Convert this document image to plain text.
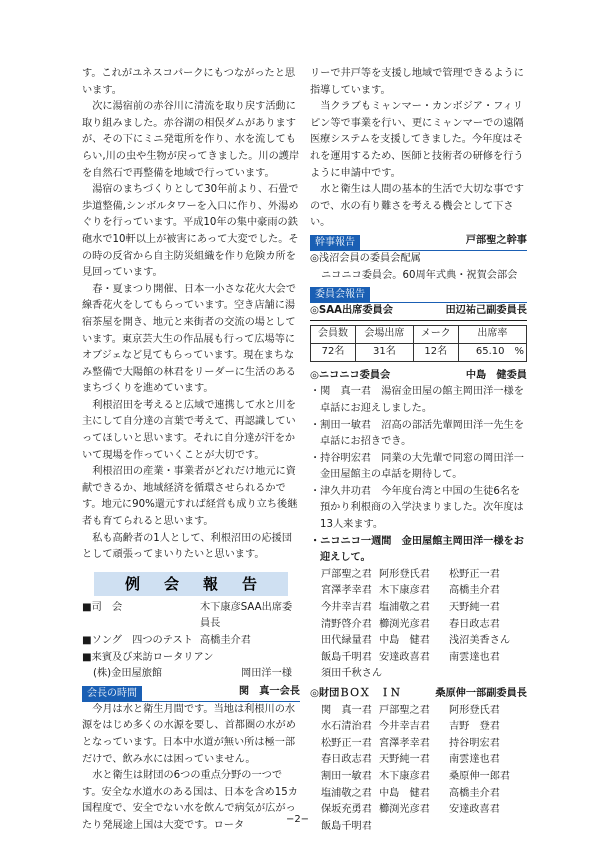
す。これがユネスコパークにもつながったと思います。

次に湯宿前の赤谷川に清流を取り戻す活動に取り組みました。赤谷湖の相俣ダムがありますが、その下にミニ発電所を作り、水を流してもらい,川の虫や生物が戻ってきました。川の護岸を自然石で再整備を地域で行っています。

湯宿のまちづくりとして30年前より、石畳で歩道整備,シンボルタワーを入口に作り、外湯めぐりを行っています。平成10年の集中豪雨の鉄砲水で10軒以上が被害にあって大変でした。その時の反省から自主防災組織を作り危険カ所を見回っています。

春・夏まつり開催、日本一小さな花火大会で線香花火をしてもらっています。空き店舗に湯宿茶屋を開き、地元と来街者の交流の場としています。東京芸大生の作品展も行って広場等にオブジェなど見てもらっています。現在まちなみ整備で大陽館の林君をリーダーに生活のあるまちづくりを進めています。

利根沼田を考えると広域で連携して水と川を主にして自分達の言葉で考えて、再認識していってほしいと思います。それに自分達が汗をかいて現場を作っていくことが大切です。

利根沼田の産業・事業者がどれだけ地元に資献できるか、地域経済を循環させられるかです。地元に90%還元すれば経営も成り立ち後継者も育てられると思います。

私も高齢者の1人として、利根沼田の応援団として頑張ってまいりたいと思います。

例会報告
■司　会	木下康彦SAA出席委員長
■ソング　四つのテスト 高橋圭介君
■来賓及び来訪ロータリアン
(株)金田屋旅館	岡田洋一様
会長の時間	関　真一会長

今月は水と衛生月間です。当地は利根川の水源をはじめ多くの水源を要し、首都圏の水がめとなっています。日本中水道が無い所は極一部だけで、飲み水には困っていません。

水と衛生は財団の6つの重点分野の一つです。安全な水道水のある国は、日本を含め15カ国程度で、安全でない水を飲んで病気が広がったり発展途上国は大変です。ロータ

リーで井戸等を支援し地域で管理できるように指導しています。

当クラブもミャンマー・カンボジア・フィリピン等で事業を行い、更にミャンマーでの遠隔医療システムを支援してきました。今年度はそれを運用するため、医師と技術者の研修を行うように申請中です。

水と衛生は人間の基本的生活で大切な事ですので、水の有り難さを考える機会として下さい。

幹事報告	戸部聖之幹事
◎浅沼会員の委員会配属
ニコニコ委員会。60周年式典・祝賀会部会
委員会報告
◎SAA出席委員会	田辺祐己副委員長
会員数	会場出席	メーク	出席率
72名	31名	12名	65.10　%
◎ニコニコ委員会	中島　健委員
・関　真一君　湯宿金田屋の館主岡田洋一様を卓話にお迎えしました。
・割田一敏君　沼高の部活先輩岡田洋一先生を卓話にお招きでき。
・持谷明宏君　同業の大先輩で同窓の岡田洋一金田屋館主の卓話を期待して。
・津久井功君　今年度台湾と中国の生徒6名を預かり利根商の入学決まりました。次年度は13人来ます。
・ニコニコ一週間　金田屋館主岡田洋一様をお迎えして。
戸部聖之君 阿形登氏君	松野正一君
宮澤孝幸君 木下康彦君	高橋圭介君
今井幸吉君 塩浦敬之君	天野純一君
清野啓介君 櫛渕光彦君	春日政志君
田代緑量君 中島　健君	浅沼美香さん
飯島千明君 安達政喜君	南雲達也君
須田千秋さん
◎財団ＢＯＸ　ＩＮ	桑原伸一部副委員長
関　真一君 戸部聖之君	阿形登氏君
水石清治君 今井幸吉君	吉野　登君
松野正一君 宮澤孝幸君	持谷明宏君
春日政志君 天野純一君	南雲達也君
割田一敏君 木下康彦君	桑原伸一郎君
塩浦敬之君 中島　健君	高橋圭介君
保坂充勇君 櫛渕光彦君	安達政喜君
飯島千明君
−2−
